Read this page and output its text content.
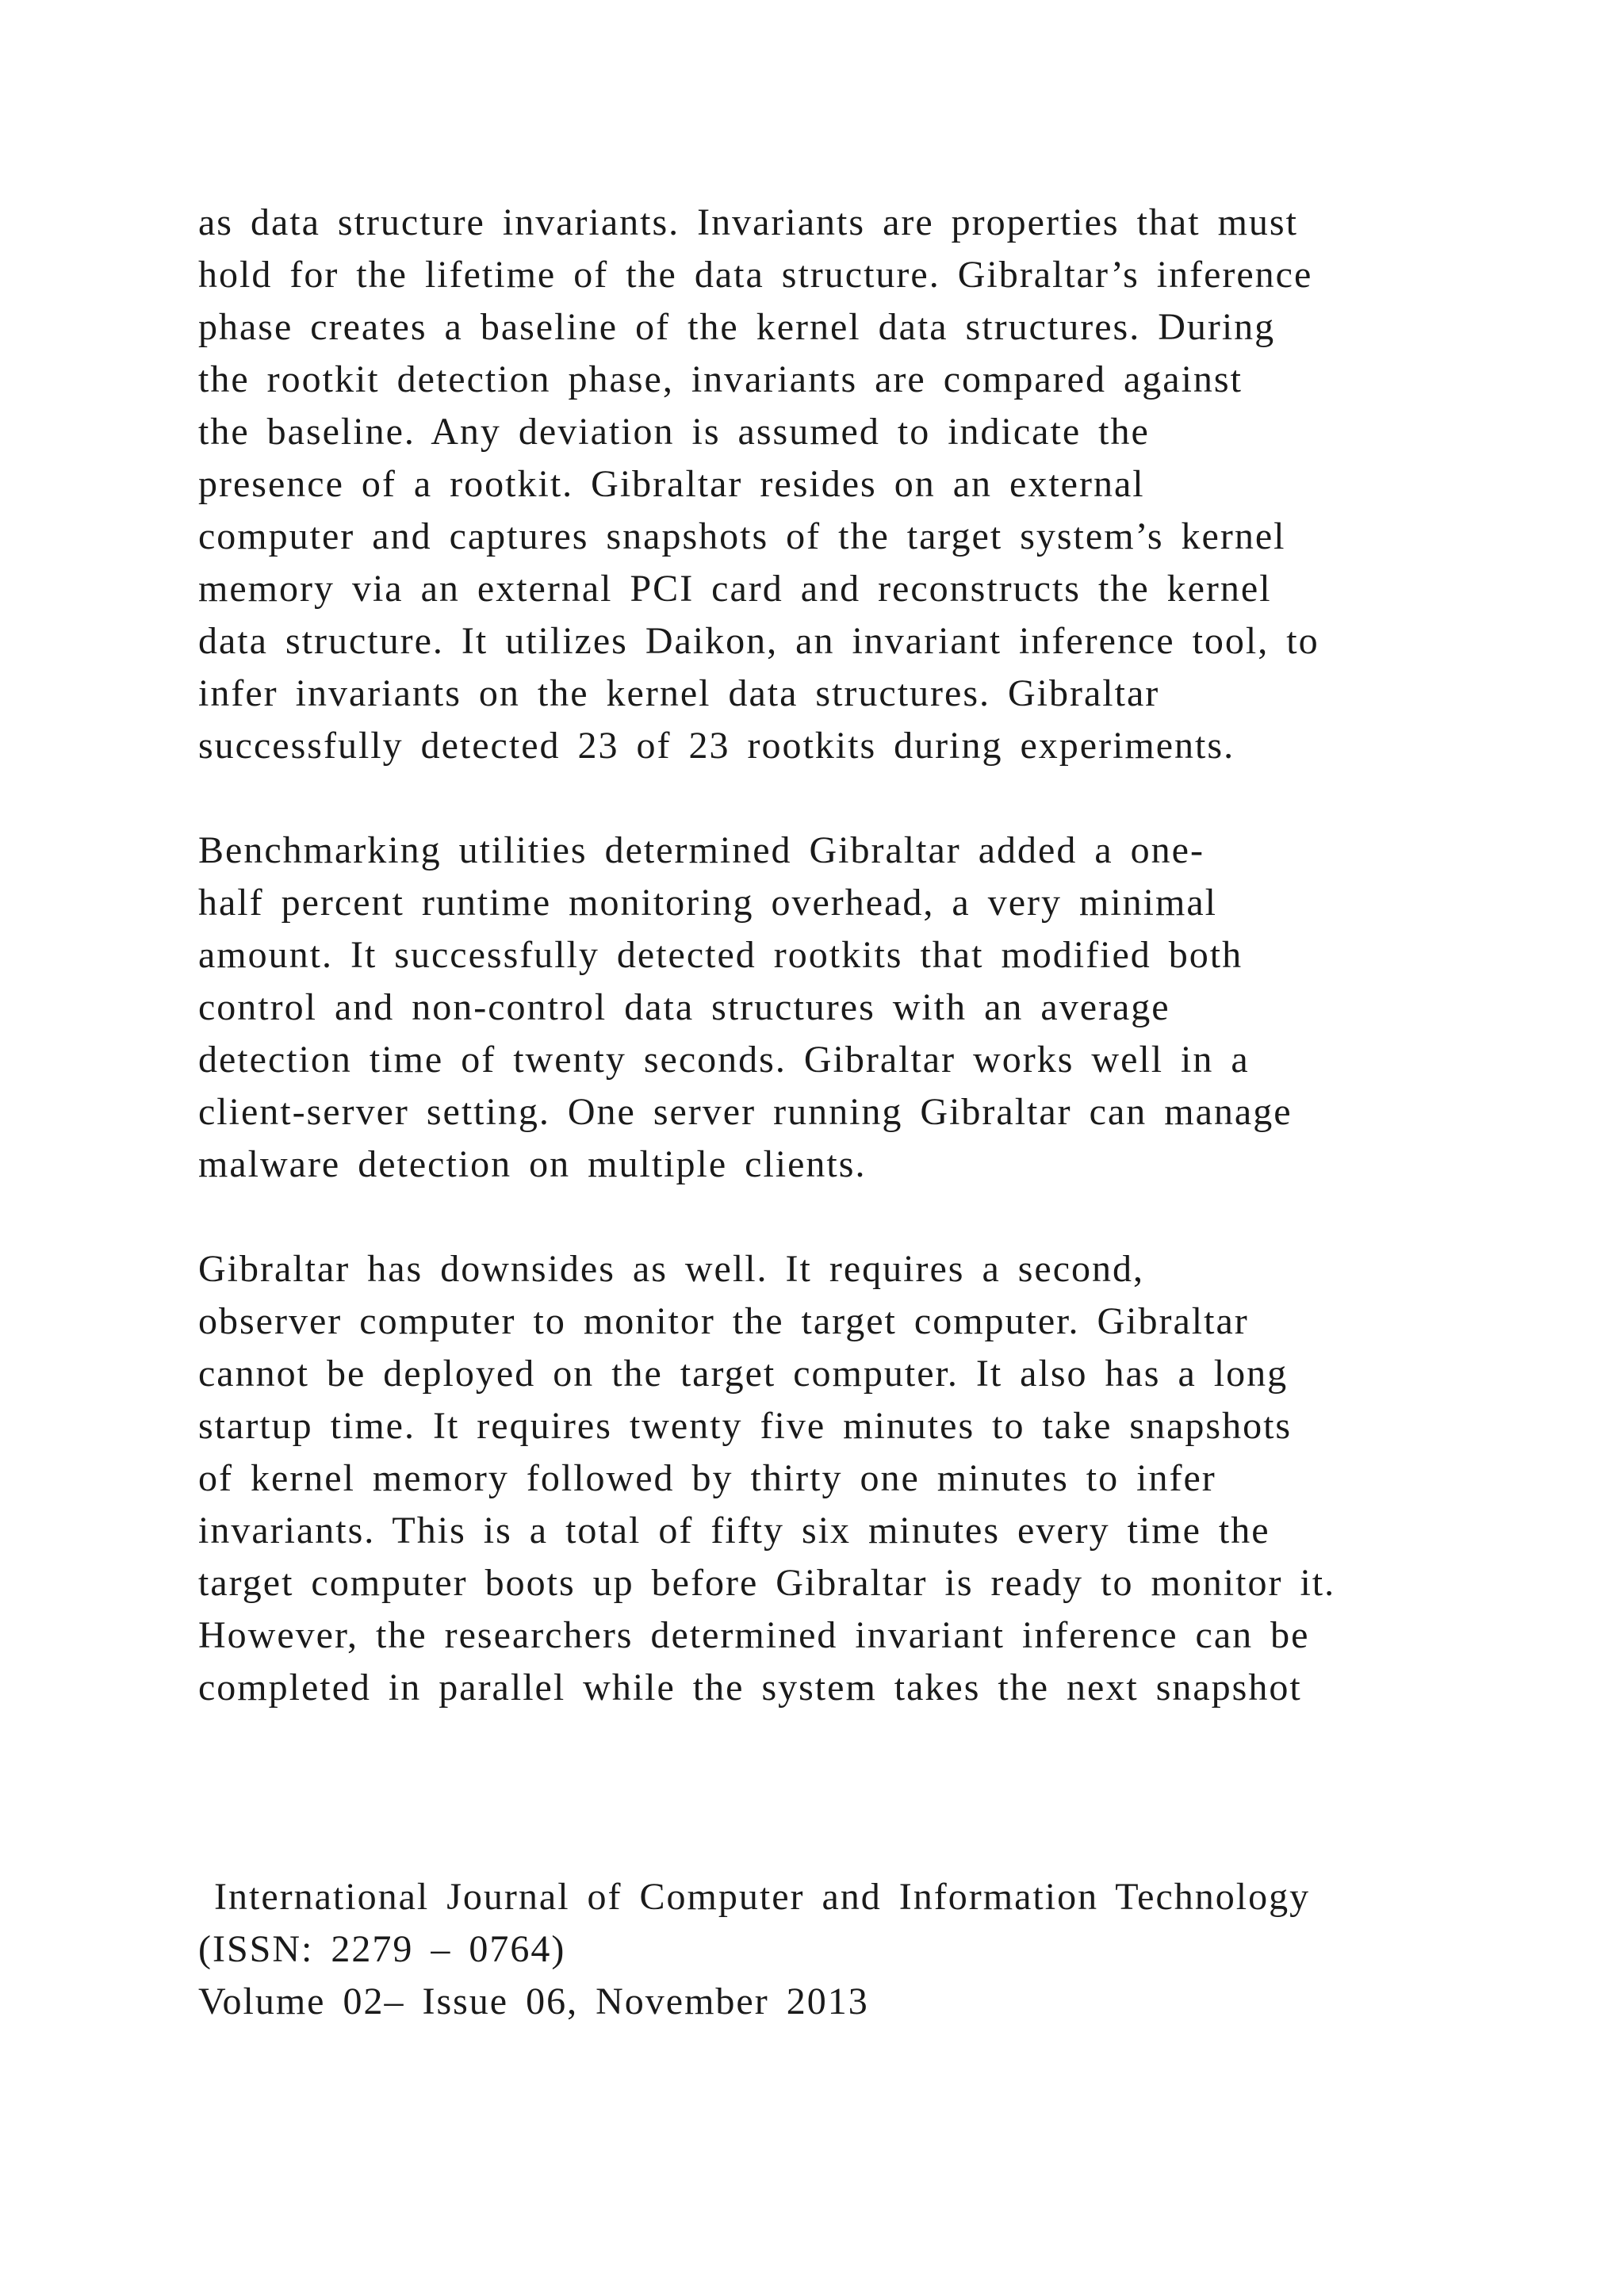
as data structure invariants. Invariants are properties that must
hold for the lifetime of the data structure. Gibraltar’s inference
phase creates a baseline of the kernel data structures. During
the rootkit detection phase, invariants are compared against
the baseline. Any deviation is assumed to indicate the
presence of a rootkit. Gibraltar resides on an external
computer and captures snapshots of the target system’s kernel
memory via an external PCI card and reconstructs the kernel
data structure. It utilizes Daikon, an invariant inference tool, to
infer invariants on the kernel data structures. Gibraltar
successfully detected 23 of 23 rootkits during experiments.
Benchmarking utilities determined Gibraltar added a one-
half percent runtime monitoring overhead, a very minimal
amount. It successfully detected rootkits that modified both
control and non-control data structures with an average
detection time of twenty seconds. Gibraltar works well in a
client-server setting. One server running Gibraltar can manage
malware detection on multiple clients.
Gibraltar has downsides as well. It requires a second,
observer computer to monitor the target computer. Gibraltar
cannot be deployed on the target computer. It also has a long
startup time. It requires twenty five minutes to take snapshots
of kernel memory followed by thirty one minutes to infer
invariants. This is a total of fifty six minutes every time the
target computer boots up before Gibraltar is ready to monitor it.
However, the researchers determined invariant inference can be
completed in parallel while the system takes the next snapshot
International Journal of Computer and Information Technology
(ISSN: 2279 – 0764)
Volume 02– Issue 06, November 2013
